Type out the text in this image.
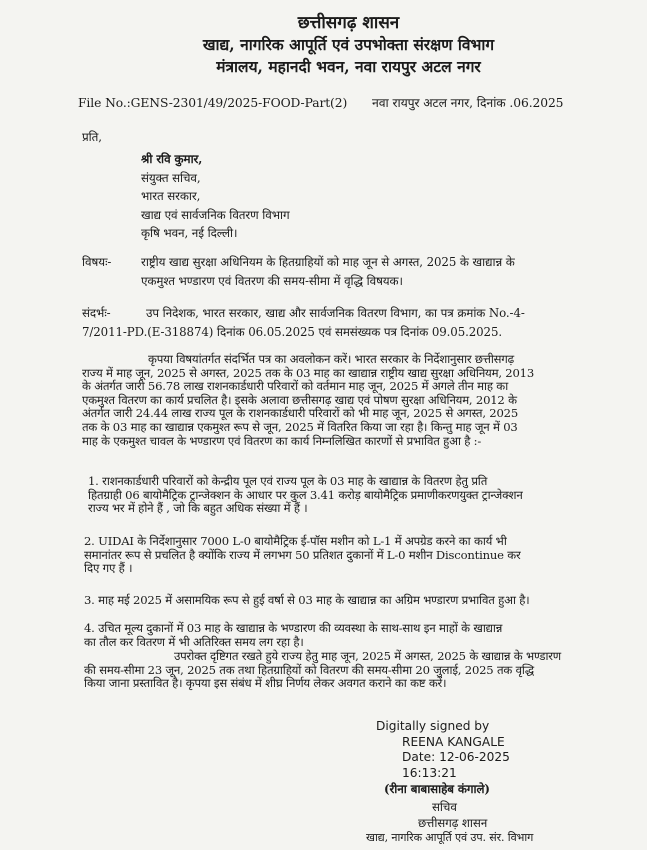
छत्तीसगढ़ शासन
खाद्य, नागरिक आपूर्ति एवं उपभोक्ता संरक्षण विभाग
मंत्रालय, महानदी भवन, नवा रायपुर अटल नगर
File No.:GENS-2301/49/2025-FOOD-Part(2) नवा रायपुर अटल नगर, दिनांक .06.2025
प्रति,
श्री रवि कुमार,
संयुक्त सचिव,
भारत सरकार,
खाद्य एवं सार्वजनिक वितरण विभाग
कृषि भवन, नई दिल्ली।
विषयः-	राष्ट्रीय खाद्य सुरक्षा अधिनियम के हितग्राहियों को माह जून से अगस्त, 2025 के खाद्यान्न के
एकमुश्त भण्डारण एवं वितरण की समय-सीमा में वृद्धि विषयक।
संदर्भः-	उप निदेशक, भारत सरकार, खाद्य और सार्वजनिक वितरण विभाग, का पत्र क्रमांक No.-4-
7/2011-PD.(E-318874) दिनांक 06.05.2025 एवं समसंख्यक पत्र दिनांक 09.05.2025.
कृपया विषयांतर्गत संदर्भित पत्र का अवलोकन करें। भारत सरकार के निर्देशानुसार छत्तीसगढ़
राज्य में माह जून, 2025 से अगस्त, 2025 तक के 03 माह का खाद्यान्न राष्ट्रीय खाद्य सुरक्षा अधिनियम, 2013
के अंतर्गत जारी 56.78 लाख राशनकार्डधारी परिवारों को वर्तमान माह जून, 2025 में अगले तीन माह का
एकमुश्त वितरण का कार्य प्रचलित है। इसके अलावा छत्तीसगढ़ खाद्य एवं पोषण सुरक्षा अधिनियम, 2012 के
अंतर्गत जारी 24.44 लाख राज्य पूल के राशनकार्डधारी परिवारों को भी माह जून, 2025 से अगस्त, 2025
तक के 03 माह का खाद्यान्न एकमुश्त रूप से जून, 2025 में वितरित किया जा रहा है। किन्तु माह जून में 03
माह के एकमुश्त चावल के भण्डारण एवं वितरण का कार्य निम्नलिखित कारणों से प्रभावित हुआ है :-
1. राशनकार्डधारी परिवारों को केन्द्रीय पूल एवं राज्य पूल के 03 माह के खाद्यान्न के वितरण हेतु प्रति
हितग्राही 06 बायोमैट्रिक ट्रान्जेक्शन के आधार पर कुल 3.41 करोड़ बायोमैट्रिक प्रमाणीकरणयुक्त ट्रान्जेक्शन
राज्य भर में होने हैं , जो कि बहुत अधिक संख्या में हैं ।
2. UIDAI के निर्देशानुसार 7000 L-0 बायोमैट्रिक ई-पॉस मशीन को L-1 में अपग्रेड करने का कार्य भी
समानांतर रूप से प्रचलित है क्योंकि राज्य में लगभग 50 प्रतिशत दुकानों में L-0 मशीन Discontinue कर
दिए गए हैं ।
3. माह मई 2025 में असामयिक रूप से हुई वर्षा से 03 माह के खाद्यान्न का अग्रिम भण्डारण प्रभावित हुआ है।
4. उचित मूल्य दुकानों में 03 माह के खाद्यान्न के भण्डारण की व्यवस्था के साथ-साथ इन माहों के खाद्यान्न
का तौल कर वितरण में भी अतिरिक्त समय लग रहा है।
उपरोक्त दृष्टिगत रखते हुये राज्य हेतु माह जून, 2025 में अगस्त, 2025 के खाद्यान्न के भण्डारण
की समय-सीमा 23 जून, 2025 तक तथा हितग्राहियों को वितरण की समय-सीमा 20 जुलाई, 2025 तक वृद्धि
किया जाना प्रस्तावित है। कृपया इस संबंध में शीघ्र निर्णय लेकर अवगत कराने का कष्ट करें।
Digitally signed by
REENA KANGALE
Date: 12-06-2025
16:13:21
(रीना बाबासाहेब कंगाले)
सचिव
छत्तीसगढ़ शासन
खाद्य, नागरिक आपूर्ति एवं उप. संर. विभाग
